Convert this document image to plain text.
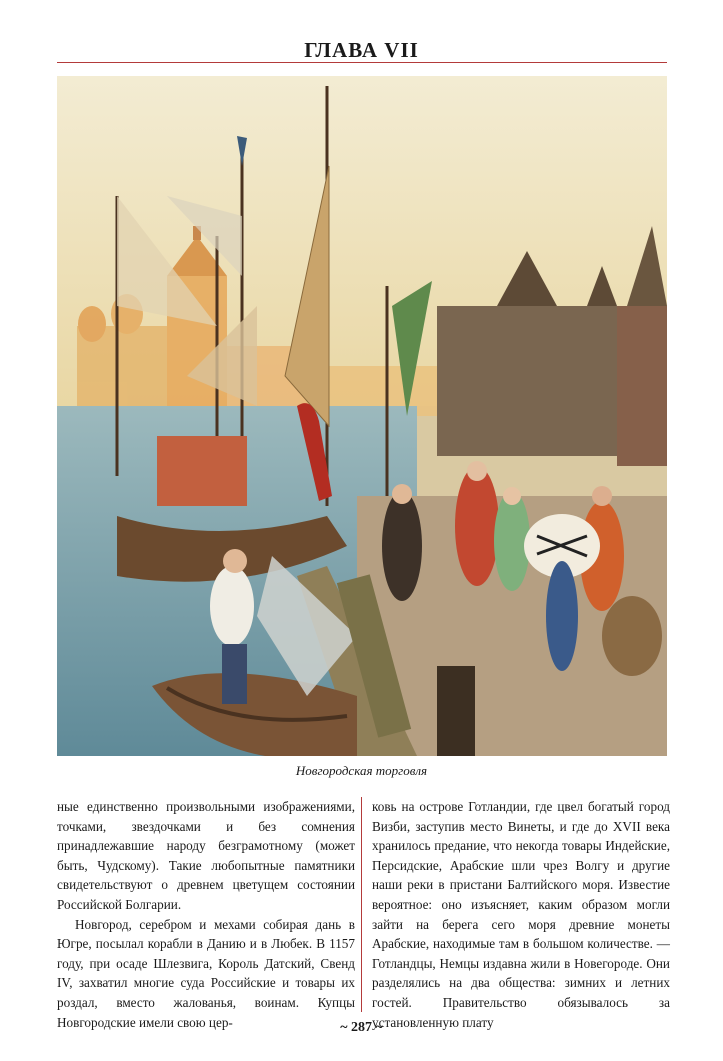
ГЛАВА VII
Новгородская торговля

ные единственно произвольными изображениями, точками, звездочками и без сомнения принадлежавшие народу безграмотному (может быть, Чудскому). Такие любопытные памятники свидетельствуют о древнем цветущем состоянии Российской Болгарии.

Новгород, серебром и мехами собирая дань в Югре, посылал корабли в Данию и в Любек. В 1157 году, при осаде Шлезвига, Король Датский, Свенд IV, захватил многие суда Российские и товары их роздал, вместо жалованья, воинам. Купцы Новгородские имели свою цер-

ковь на острове Готландии, где цвел богатый город Визби, заступив место Винеты, и где до XVII века хранилось предание, что некогда товары Индейские, Персидские, Арабские шли чрез Волгу и другие наши реки в пристани Балтийского моря. Известие вероятное: оно изъясняет, каким образом могли зайти на берега сего моря древние монеты Арабские, находимые там в большом количестве. — Готландцы, Немцы издавна жили в Новегороде. Они разделялись на два общества: зимних и летних гостей. Правительство обязывалось за установленную плату

~ 287 ~
